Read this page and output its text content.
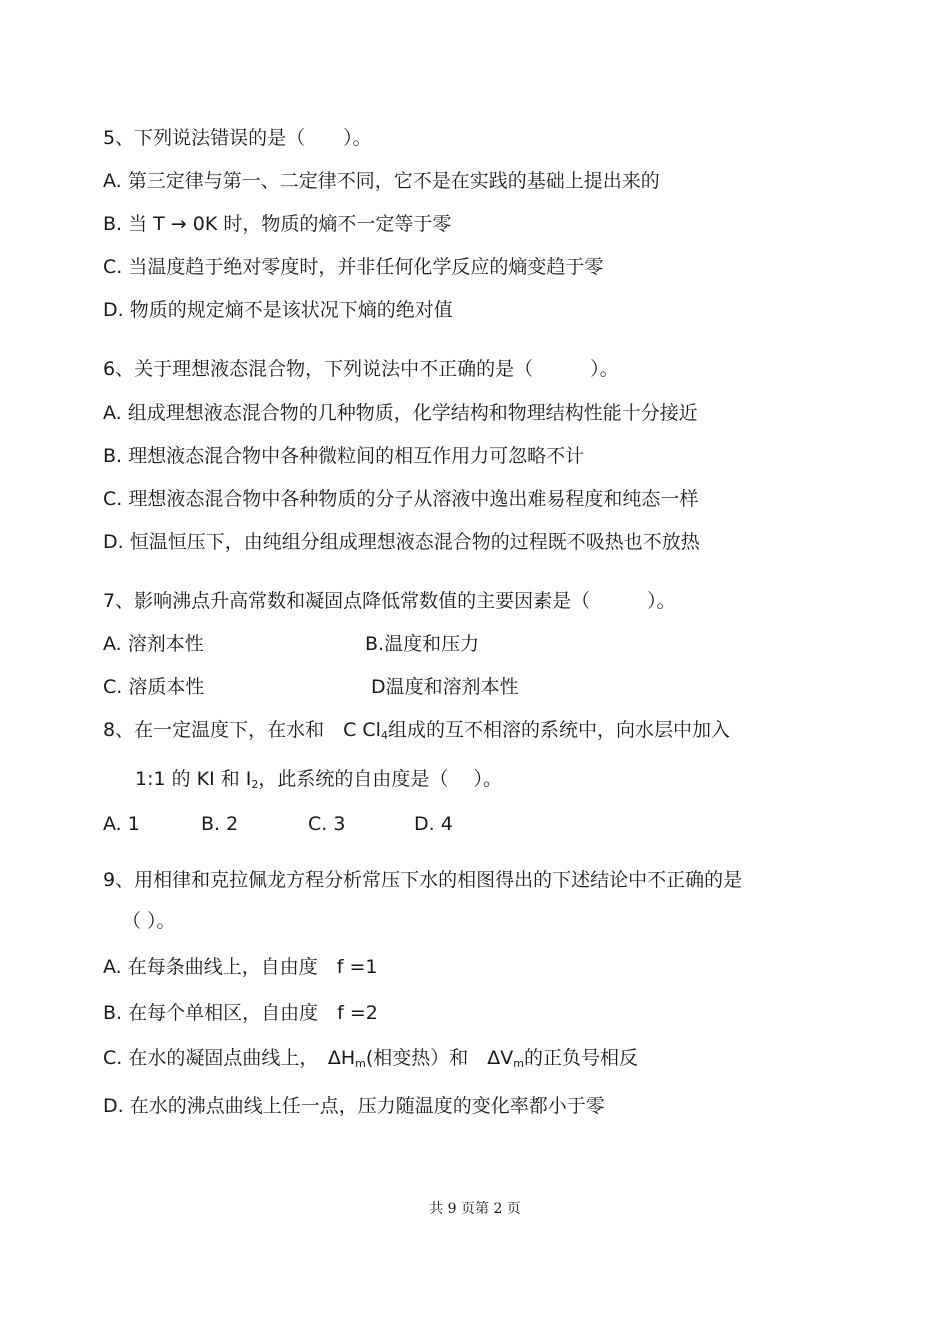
5、下列说法错误的是（　　）。
A. 第三定律与第一、二定律不同，它不是在实践的基础上提出来的
B. 当 T → 0K 时，物质的熵不一定等于零
C. 当温度趋于绝对零度时，并非任何化学反应的熵变趋于零
D. 物质的规定熵不是该状况下熵的绝对值
6、关于理想液态混合物，下列说法中不正确的是（　　　）。
A. 组成理想液态混合物的几种物质，化学结构和物理结构性能十分接近
B. 理想液态混合物中各种微粒间的相互作用力可忽略不计
C. 理想液态混合物中各种物质的分子从溶液中逸出难易程度和纯态一样
D. 恒温恒压下，由纯组分组成理想液态混合物的过程既不吸热也不放热
7、影响沸点升高常数和凝固点降低常数值的主要因素是（　　　）。
A. 溶剂本性	B.温度和压力
C. 溶质本性	D温度和溶剂本性
8、在一定温度下，在水和　C $Cl_4$组成的互不相溶的系统中，向水层中加入
1:1 的 KI 和 $I_2$，此系统的自由度是（　 ）。
A. 1	B. 2	C. 3	D. 4
9、用相律和克拉佩龙方程分析常压下水的相图得出的下述结论中不正确的是
（ ）。
A. 在每条曲线上，自由度　f =1
B. 在每个单相区，自由度　f =2
C. 在水的凝固点曲线上，　$\Delta H_m$(相变热）和　$\Delta V_m$的正负号相反
D. 在水的沸点曲线上任一点，压力随温度的变化率都小于零
共 9 页第 2 页
